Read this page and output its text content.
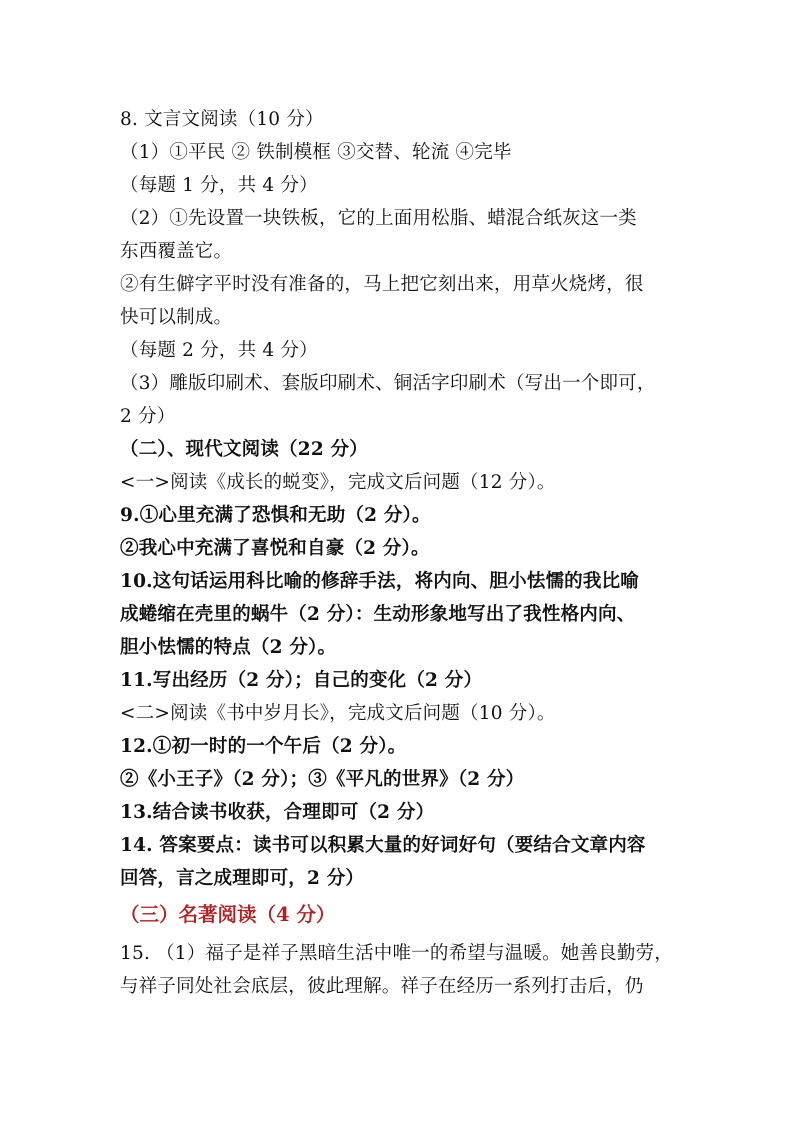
8. 文言文阅读（10 分）
（1）①平民 ② 铁制模框 ③交替、轮流 ④完毕
（每题 1 分，共 4 分）
（2）①先设置一块铁板，它的上面用松脂、蜡混合纸灰这一类
东西覆盖它。
②有生僻字平时没有准备的，马上把它刻出来，用草火烧烤，很
快可以制成。
（每题 2 分，共 4 分）
（3）雕版印刷术、套版印刷术、铜活字印刷术（写出一个即可，
2 分）
（二）、现代文阅读（22 分）
<一>阅读《成长的蜕变》，完成文后问题（12 分）。
9.①心里充满了恐惧和无助（2 分）。
②我心中充满了喜悦和自豪（2 分）。
10.这句话运用科比喻的修辞手法，将内向、胆小怯懦的我比喻
成蜷缩在壳里的蜗牛（2 分）：生动形象地写出了我性格内向、
胆小怯懦的特点（2 分）。
11.写出经历（2 分）；自己的变化（2 分）
<二>阅读《书中岁月长》，完成文后问题（10 分）。
12.①初一时的一个午后（2 分）。
②《小王子》（2 分）；③《平凡的世界》（2 分）
13.结合读书收获，合理即可（2 分）
14. 答案要点：读书可以积累大量的好词好句（要结合文章内容
回答，言之成理即可，2 分）
（三）名著阅读（4 分）
15. （1）福子是祥子黑暗生活中唯一的希望与温暖。她善良勤劳，
与祥子同处社会底层，彼此理解。祥子在经历一系列打击后，仍
